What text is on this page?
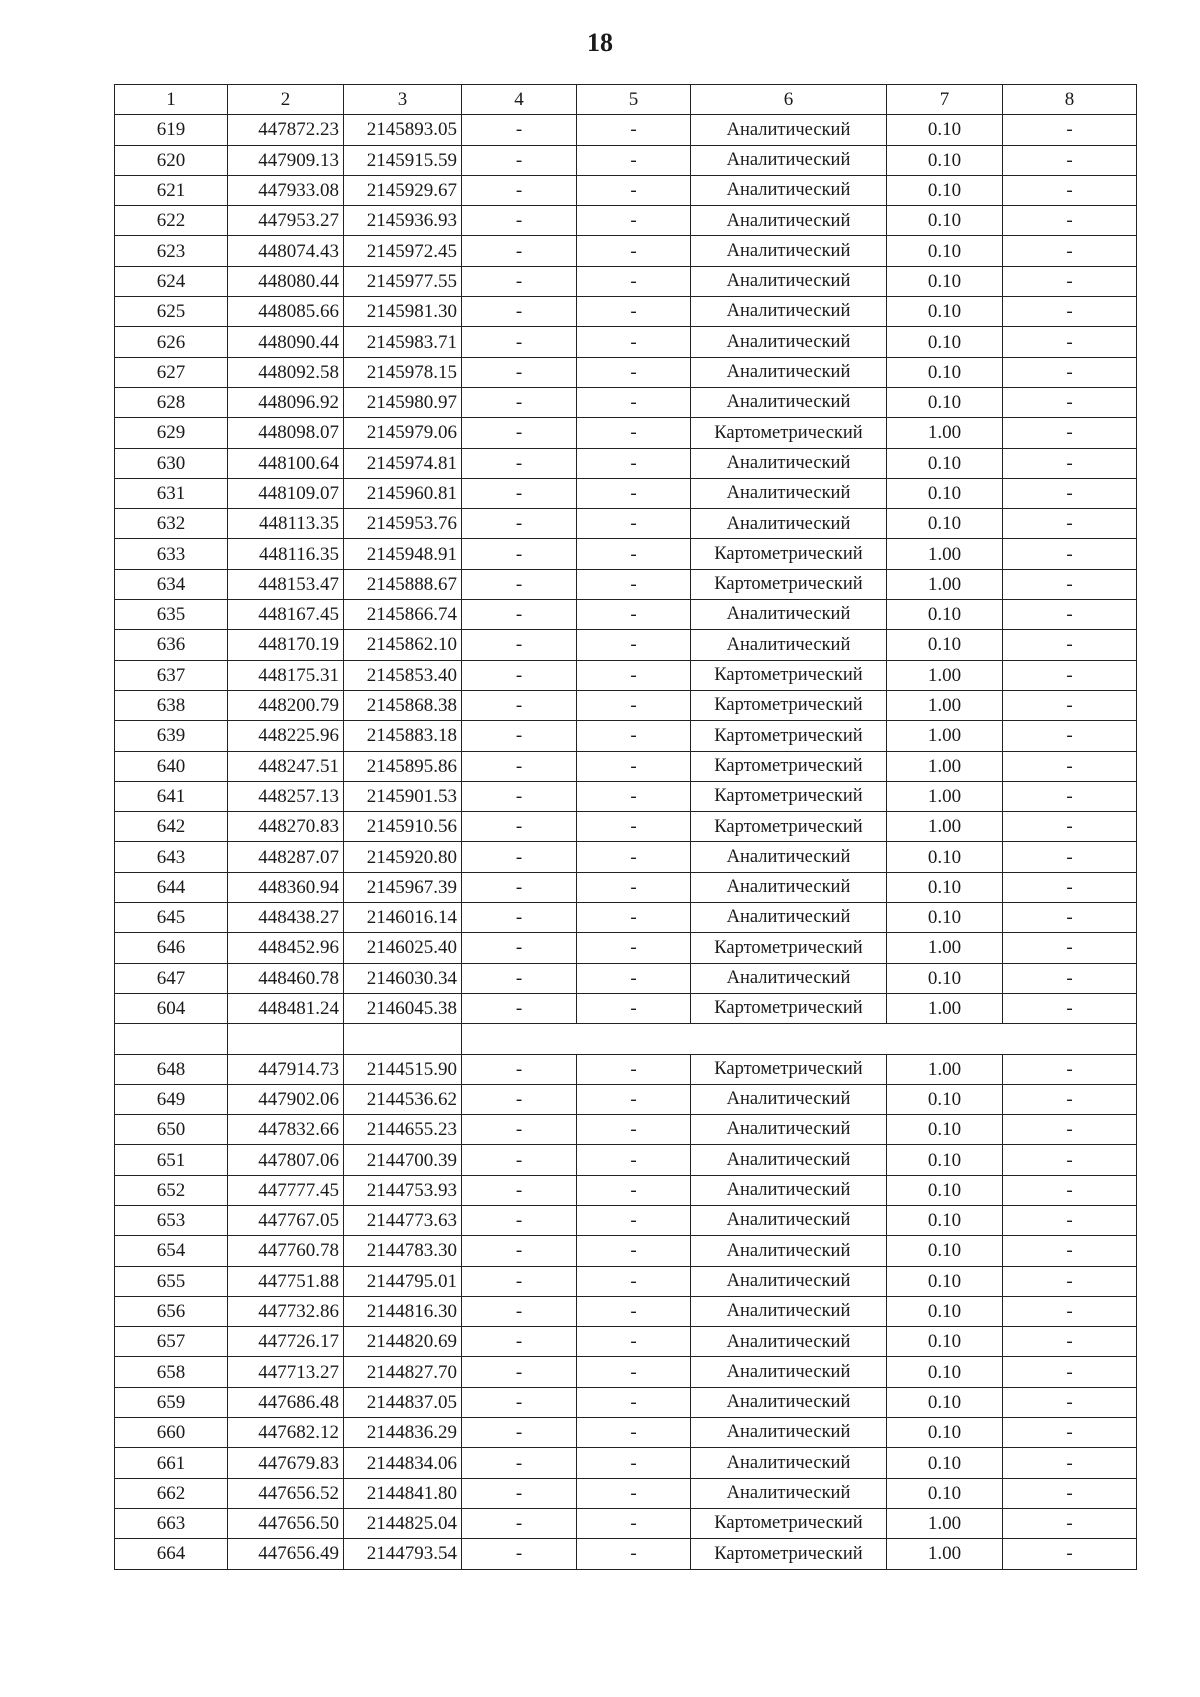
18
1	2	3	4	5	6	7	8
619	447872.23	2145893.05	-	-	Аналитический	0.10	-
620	447909.13	2145915.59	-	-	Аналитический	0.10	-
621	447933.08	2145929.67	-	-	Аналитический	0.10	-
622	447953.27	2145936.93	-	-	Аналитический	0.10	-
623	448074.43	2145972.45	-	-	Аналитический	0.10	-
624	448080.44	2145977.55	-	-	Аналитический	0.10	-
625	448085.66	2145981.30	-	-	Аналитический	0.10	-
626	448090.44	2145983.71	-	-	Аналитический	0.10	-
627	448092.58	2145978.15	-	-	Аналитический	0.10	-
628	448096.92	2145980.97	-	-	Аналитический	0.10	-
629	448098.07	2145979.06	-	-	Картометрический	1.00	-
630	448100.64	2145974.81	-	-	Аналитический	0.10	-
631	448109.07	2145960.81	-	-	Аналитический	0.10	-
632	448113.35	2145953.76	-	-	Аналитический	0.10	-
633	448116.35	2145948.91	-	-	Картометрический	1.00	-
634	448153.47	2145888.67	-	-	Картометрический	1.00	-
635	448167.45	2145866.74	-	-	Аналитический	0.10	-
636	448170.19	2145862.10	-	-	Аналитический	0.10	-
637	448175.31	2145853.40	-	-	Картометрический	1.00	-
638	448200.79	2145868.38	-	-	Картометрический	1.00	-
639	448225.96	2145883.18	-	-	Картометрический	1.00	-
640	448247.51	2145895.86	-	-	Картометрический	1.00	-
641	448257.13	2145901.53	-	-	Картометрический	1.00	-
642	448270.83	2145910.56	-	-	Картометрический	1.00	-
643	448287.07	2145920.80	-	-	Аналитический	0.10	-
644	448360.94	2145967.39	-	-	Аналитический	0.10	-
645	448438.27	2146016.14	-	-	Аналитический	0.10	-
646	448452.96	2146025.40	-	-	Картометрический	1.00	-
647	448460.78	2146030.34	-	-	Аналитический	0.10	-
604	448481.24	2146045.38	-	-	Картометрический	1.00	-

648	447914.73	2144515.90	-	-	Картометрический	1.00	-
649	447902.06	2144536.62	-	-	Аналитический	0.10	-
650	447832.66	2144655.23	-	-	Аналитический	0.10	-
651	447807.06	2144700.39	-	-	Аналитический	0.10	-
652	447777.45	2144753.93	-	-	Аналитический	0.10	-
653	447767.05	2144773.63	-	-	Аналитический	0.10	-
654	447760.78	2144783.30	-	-	Аналитический	0.10	-
655	447751.88	2144795.01	-	-	Аналитический	0.10	-
656	447732.86	2144816.30	-	-	Аналитический	0.10	-
657	447726.17	2144820.69	-	-	Аналитический	0.10	-
658	447713.27	2144827.70	-	-	Аналитический	0.10	-
659	447686.48	2144837.05	-	-	Аналитический	0.10	-
660	447682.12	2144836.29	-	-	Аналитический	0.10	-
661	447679.83	2144834.06	-	-	Аналитический	0.10	-
662	447656.52	2144841.80	-	-	Аналитический	0.10	-
663	447656.50	2144825.04	-	-	Картометрический	1.00	-
664	447656.49	2144793.54	-	-	Картометрический	1.00	-
